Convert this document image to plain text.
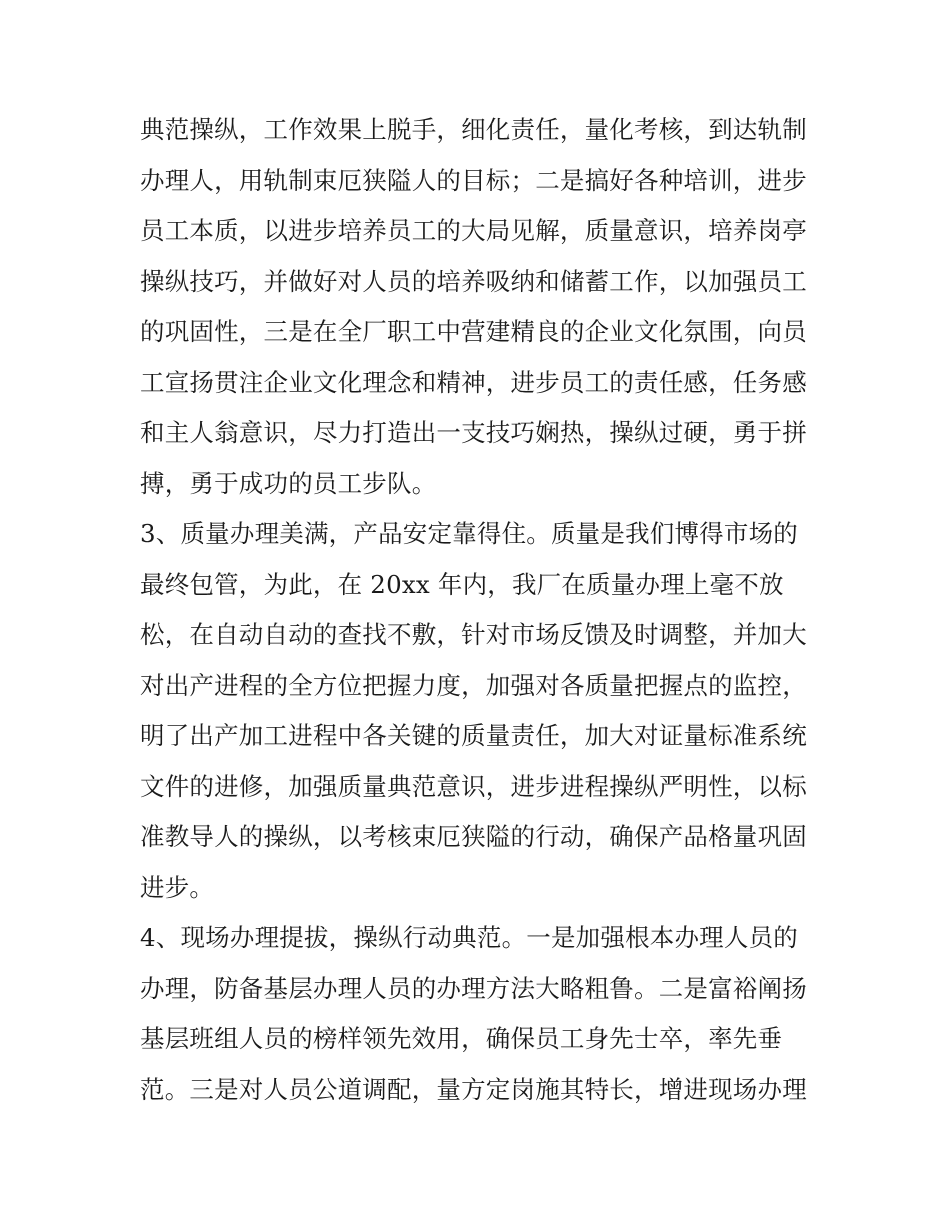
典范操纵，工作效果上脱手，细化责任，量化考核，到达轨制
办理人，用轨制束厄狭隘人的目标；二是搞好各种培训，进步
员工本质，以进步培养员工的大局见解，质量意识，培养岗亭
操纵技巧，并做好对人员的培养吸纳和储蓄工作，以加强员工
的巩固性，三是在全厂职工中营建精良的企业文化氛围，向员
工宣扬贯注企业文化理念和精神，进步员工的责任感，任务感
和主人翁意识，尽力打造出一支技巧娴热，操纵过硬，勇于拼
搏，勇于成功的员工步队。
3、质量办理美满，产品安定靠得住。质量是我们博得市场的
最终包管，为此，在 20xx 年内，我厂在质量办理上毫不放
松，在自动自动的查找不敷，针对市场反馈及时调整，并加大
对出产进程的全方位把握力度，加强对各质量把握点的监控，
明了出产加工进程中各关键的质量责任，加大对证量标准系统
文件的进修，加强质量典范意识，进步进程操纵严明性，以标
准教导人的操纵，以考核束厄狭隘的行动，确保产品格量巩固
进步。
4、现场办理提拔，操纵行动典范。一是加强根本办理人员的
办理，防备基层办理人员的办理方法大略粗鲁。二是富裕阐扬
基层班组人员的榜样领先效用，确保员工身先士卒，率先垂
范。三是对人员公道调配，量方定岗施其特长，增进现场办理
